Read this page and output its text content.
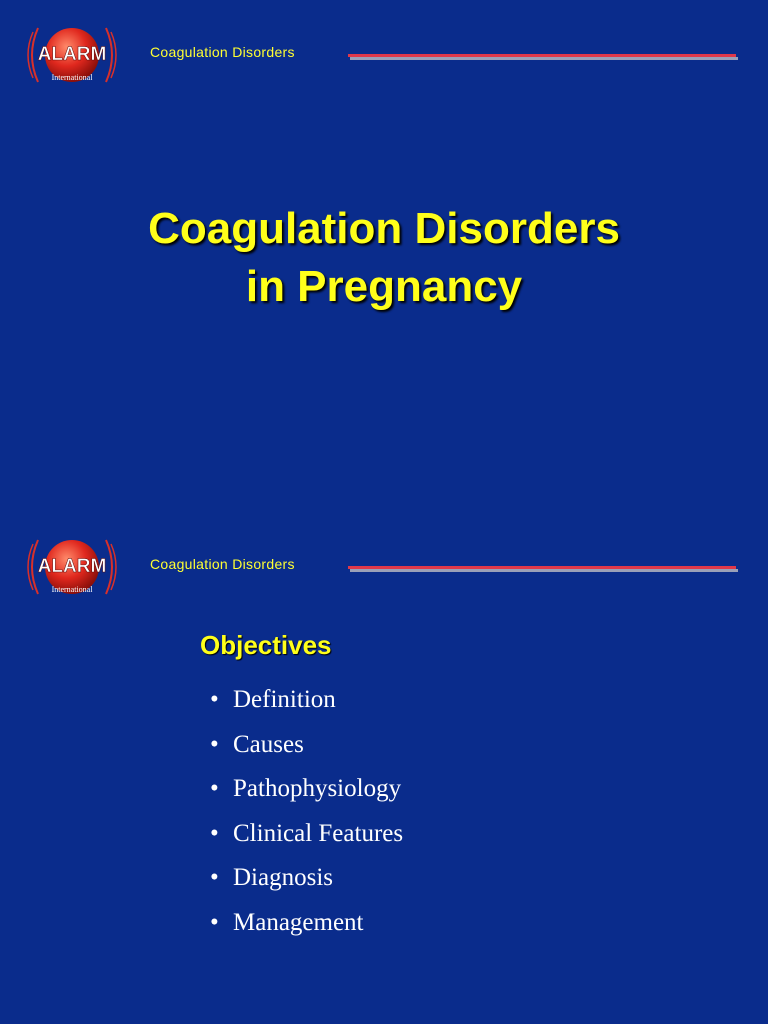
ALARM
International
Coagulation Disorders
Coagulation Disorders
in Pregnancy
ALARM
International
Coagulation Disorders
Objectives
• Definition
• Causes
• Pathophysiology
• Clinical Features
• Diagnosis
• Management
